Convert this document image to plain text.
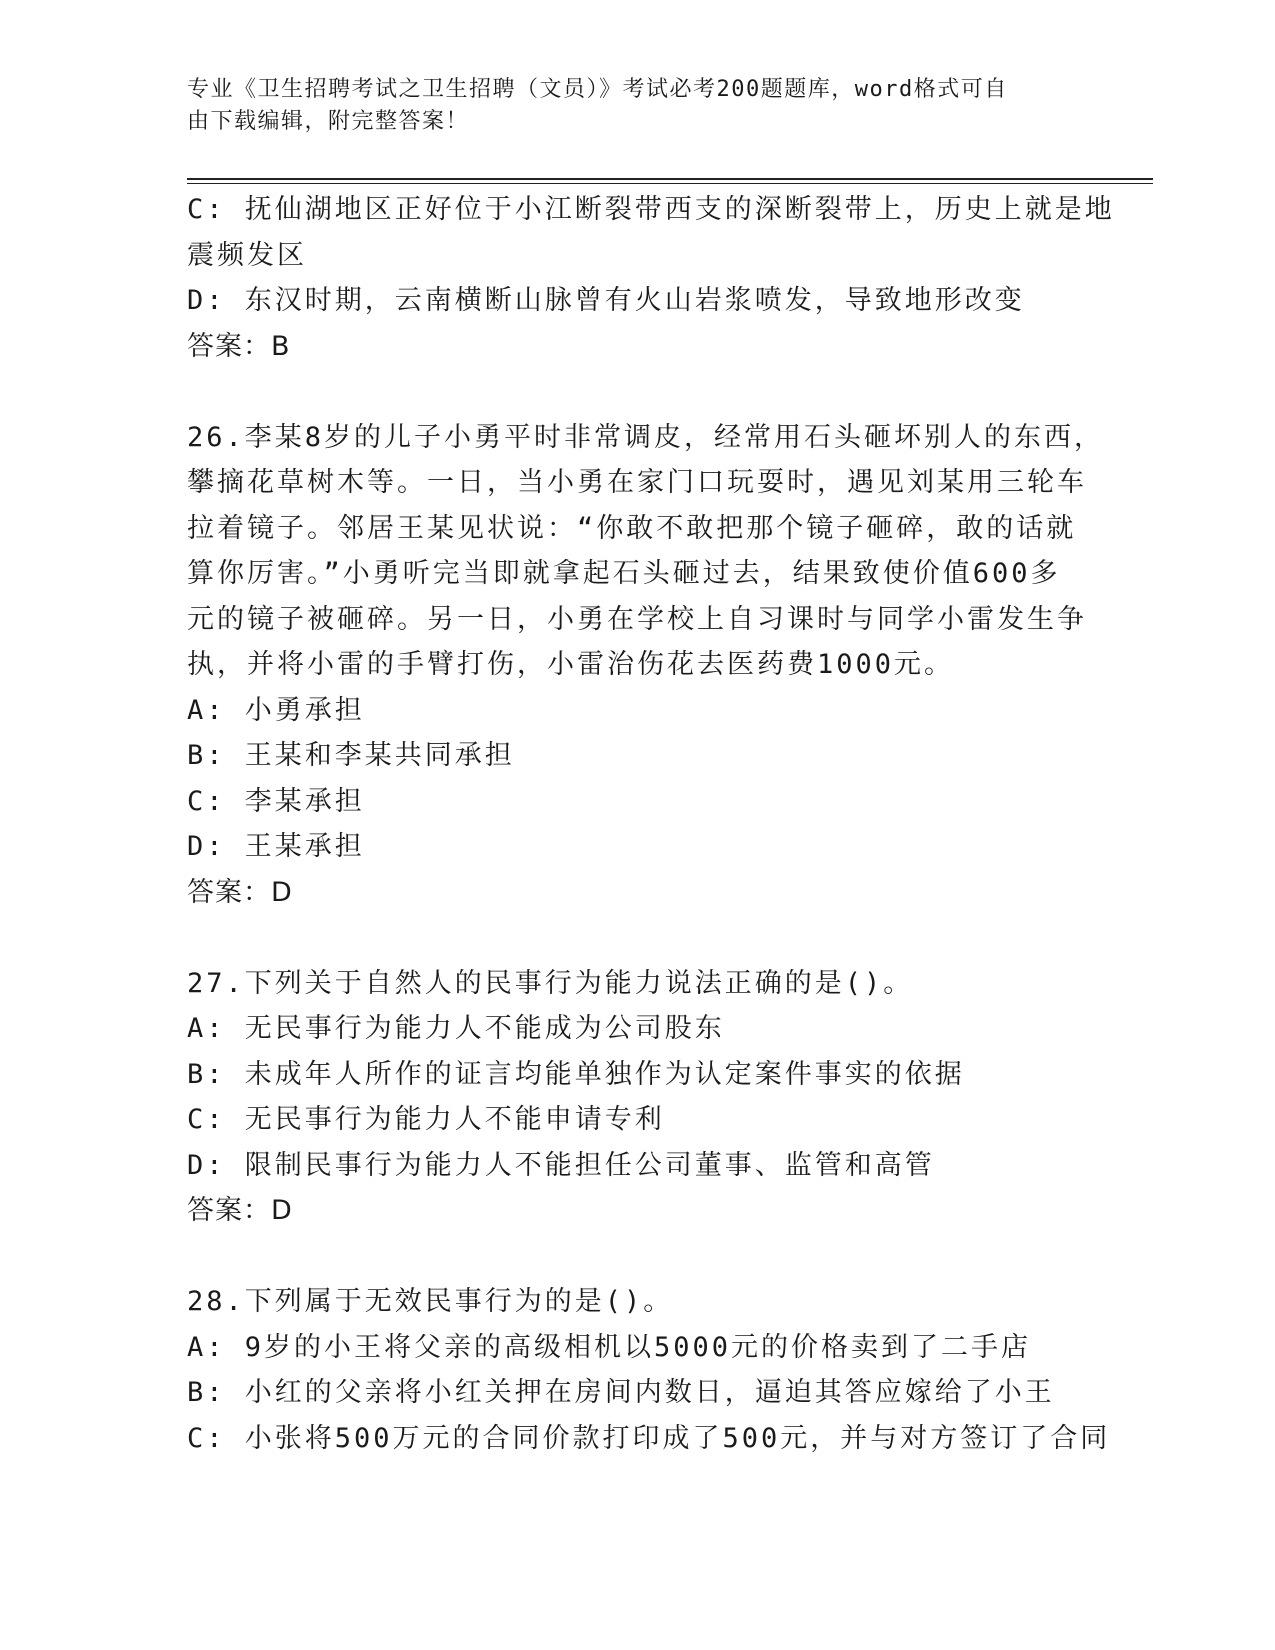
专业《卫生招聘考试之卫生招聘（文员）》考试必考200题题库，word格式可自
由下载编辑，附完整答案！
C: 抚仙湖地区正好位于小江断裂带西支的深断裂带上，历史上就是地
震频发区
D: 东汉时期，云南横断山脉曾有火山岩浆喷发，导致地形改变
答案：B
26.李某8岁的儿子小勇平时非常调皮，经常用石头砸坏别人的东西，
攀摘花草树木等。一日，当小勇在家门口玩耍时，遇见刘某用三轮车
拉着镜子。邻居王某见状说：“你敢不敢把那个镜子砸碎，敢的话就
算你厉害。”小勇听完当即就拿起石头砸过去，结果致使价值600多
元的镜子被砸碎。另一日，小勇在学校上自习课时与同学小雷发生争
执，并将小雷的手臂打伤，小雷治伤花去医药费1000元。
A: 小勇承担
B: 王某和李某共同承担
C: 李某承担
D: 王某承担
答案：D
27.下列关于自然人的民事行为能力说法正确的是()。
A: 无民事行为能力人不能成为公司股东
B: 未成年人所作的证言均能单独作为认定案件事实的依据
C: 无民事行为能力人不能申请专利
D: 限制民事行为能力人不能担任公司董事、监管和高管
答案：D
28.下列属于无效民事行为的是()。
A: 9岁的小王将父亲的高级相机以5000元的价格卖到了二手店
B: 小红的父亲将小红关押在房间内数日，逼迫其答应嫁给了小王
C: 小张将500万元的合同价款打印成了500元，并与对方签订了合同
